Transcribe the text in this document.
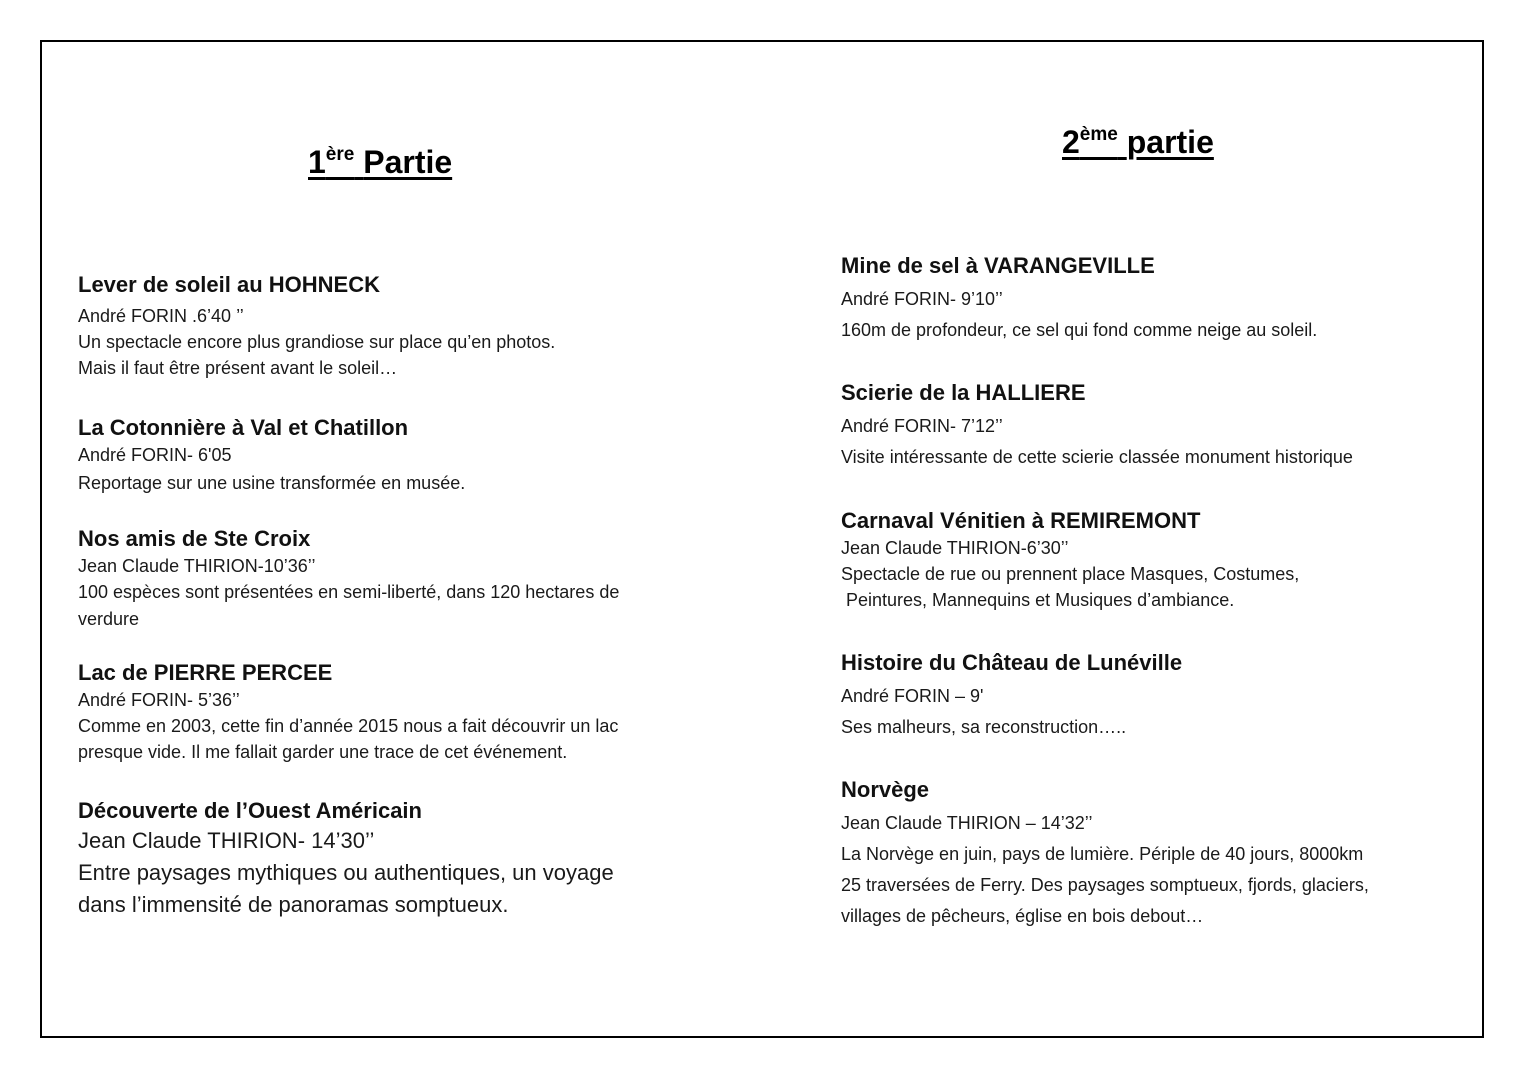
1ère Partie
2ème partie
Lever de soleil au HOHNECK

André FORIN .6’40 ’’

Un spectacle encore plus grandiose sur place qu’en photos.

Mais il faut être présent avant le soleil…

La Cotonnière à Val et Chatillon

André FORIN- 6'05

Reportage sur une usine transformée en musée.

Nos amis de Ste Croix

Jean Claude THIRION-10’36’’

100 espèces sont présentées en semi-liberté, dans 120 hectares de

verdure

Lac de PIERRE PERCEE

André FORIN- 5’36’’

Comme en 2003, cette fin d’année 2015 nous a fait découvrir un lac

presque vide. Il me fallait garder une trace de cet événement.

Découverte de l’Ouest Américain

Jean Claude THIRION- 14’30’’

Entre paysages mythiques ou authentiques, un voyage

dans l’immensité de panoramas somptueux.

Mine de sel à VARANGEVILLE

André FORIN- 9’10’’

160m de profondeur, ce sel qui fond comme neige au soleil.

Scierie de la HALLIERE

André FORIN- 7’12’’

Visite intéressante de cette scierie classée monument historique

Carnaval Vénitien à REMIREMONT

Jean Claude THIRION-6’30’’

Spectacle de rue ou prennent place Masques, Costumes,

Peintures, Mannequins et Musiques d’ambiance.

Histoire du Château de Lunéville

André FORIN – 9'

Ses malheurs, sa reconstruction…..

Norvège

Jean Claude THIRION – 14’32’’

La Norvège en juin, pays de lumière. Périple de 40 jours, 8000km

25 traversées de Ferry. Des paysages somptueux, fjords, glaciers,

villages de pêcheurs, église en bois debout…
